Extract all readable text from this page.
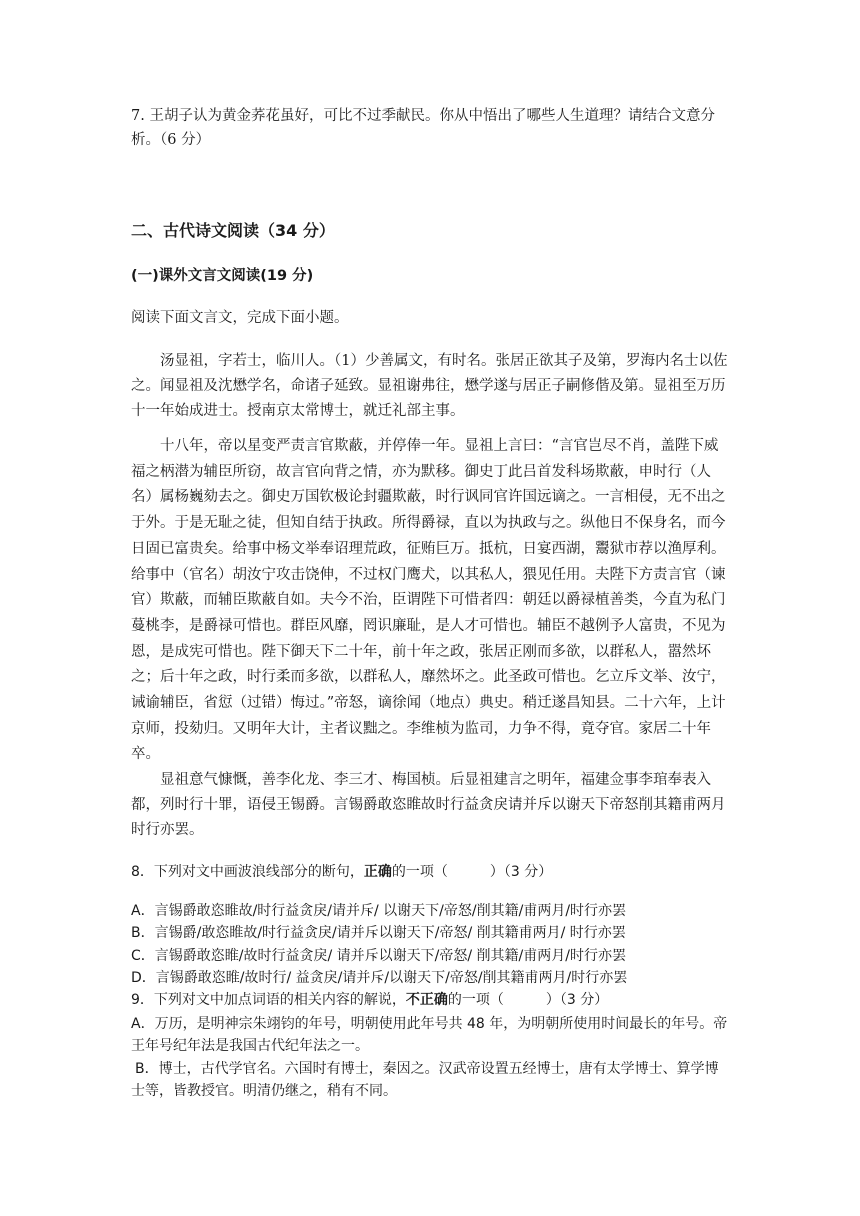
7. 王胡子认为黄金荞花虽好，可比不过季献民。你从中悟出了哪些人生道理？请结合文意分析。（6 分）

二、古代诗文阅读（34 分）

(一)课外文言文阅读(19 分)

阅读下面文言文，完成下面小题。

汤显祖，字若士，临川人。（1）少善属文，有时名。张居正欲其子及第，罗海内名士以佐之。闻显祖及沈懋学名，命诸子延致。显祖谢弗往，懋学遂与居正子嗣修偕及第。显祖至万历十一年始成进士。授南京太常博士，就迁礼部主事。

十八年，帝以星变严责言官欺蔽，并停俸一年。显祖上言曰：“言官岂尽不肖，盖陛下威福之柄潜为辅臣所窃，故言官向背之情，亦为默移。御史丁此吕首发科场欺蔽，申时行（人名）属杨巍劾去之。御史万国钦极论封疆欺蔽，时行讽同官许国远谪之。一言相侵，无不出之于外。于是无耻之徒，但知自结于执政。所得爵禄，直以为执政与之。纵他日不保身名，而今日固已富贵矣。给事中杨文举奉诏理荒政，征贿巨万。抵杭，日宴西湖，鬻狱市荐以渔厚利。给事中（官名）胡汝宁攻击饶伸，不过权门鹰犬，以其私人，猥见任用。夫陛下方责言官（谏官）欺蔽，而辅臣欺蔽自如。夫今不治，臣谓陛下可惜者四：朝廷以爵禄植善类，今直为私门蔓桃李，是爵禄可惜也。群臣风靡，罔识廉耻，是人才可惜也。辅臣不越例予人富贵，不见为恩，是成宪可惜也。陛下御天下二十年，前十年之政，张居正刚而多欲，以群私人，嚣然坏之；后十年之政，时行柔而多欲，以群私人，靡然坏之。此圣政可惜也。乞立斥文举、汝宁，诫谕辅臣，省愆（过错）悔过。”帝怒，谪徐闻（地点）典史。稍迁遂昌知县。二十六年，上计京师，投劾归。又明年大计，主者议黜之。李维桢为监司，力争不得，竟夺官。家居二十年卒。

显祖意气慷慨，善李化龙、李三才、梅国桢。后显祖建言之明年，福建佥事李琯奉表入都，列时行十罪，语侵王锡爵。言锡爵敢恣睢故时行益贪戾请并斥以谢天下帝怒削其籍甫两月时行亦罢。

8．下列对文中画波浪线部分的断句，正确的一项（　　　）（3 分）

A．言锡爵敢恣睢故/时行益贪戾/请并斥/ 以谢天下/帝怒/削其籍/甫两月/时行亦罢

B．言锡爵/敢恣睢故/时行益贪戾/请并斥以谢天下/帝怒/ 削其籍甫两月/ 时行亦罢

C．言锡爵敢恣睢/故时行益贪戾/ 请并斥以谢天下/帝怒/ 削其籍/甫两月/时行亦罢

D．言锡爵敢恣睢/故时行/ 益贪戾/请并斥/以谢天下/帝怒/削其籍甫两月/时行亦罢

9．下列对文中加点词语的相关内容的解说，不正确的一项（　　　）（3 分）

A．万历，是明神宗朱翊钧的年号，明朝使用此年号共 48 年，为明朝所使用时间最长的年号。帝王年号纪年法是我国古代纪年法之一。

B．博士，古代学官名。六国时有博士，秦因之。汉武帝设置五经博士，唐有太学博士、算学博士等，皆教授官。明清仍继之，稍有不同。
